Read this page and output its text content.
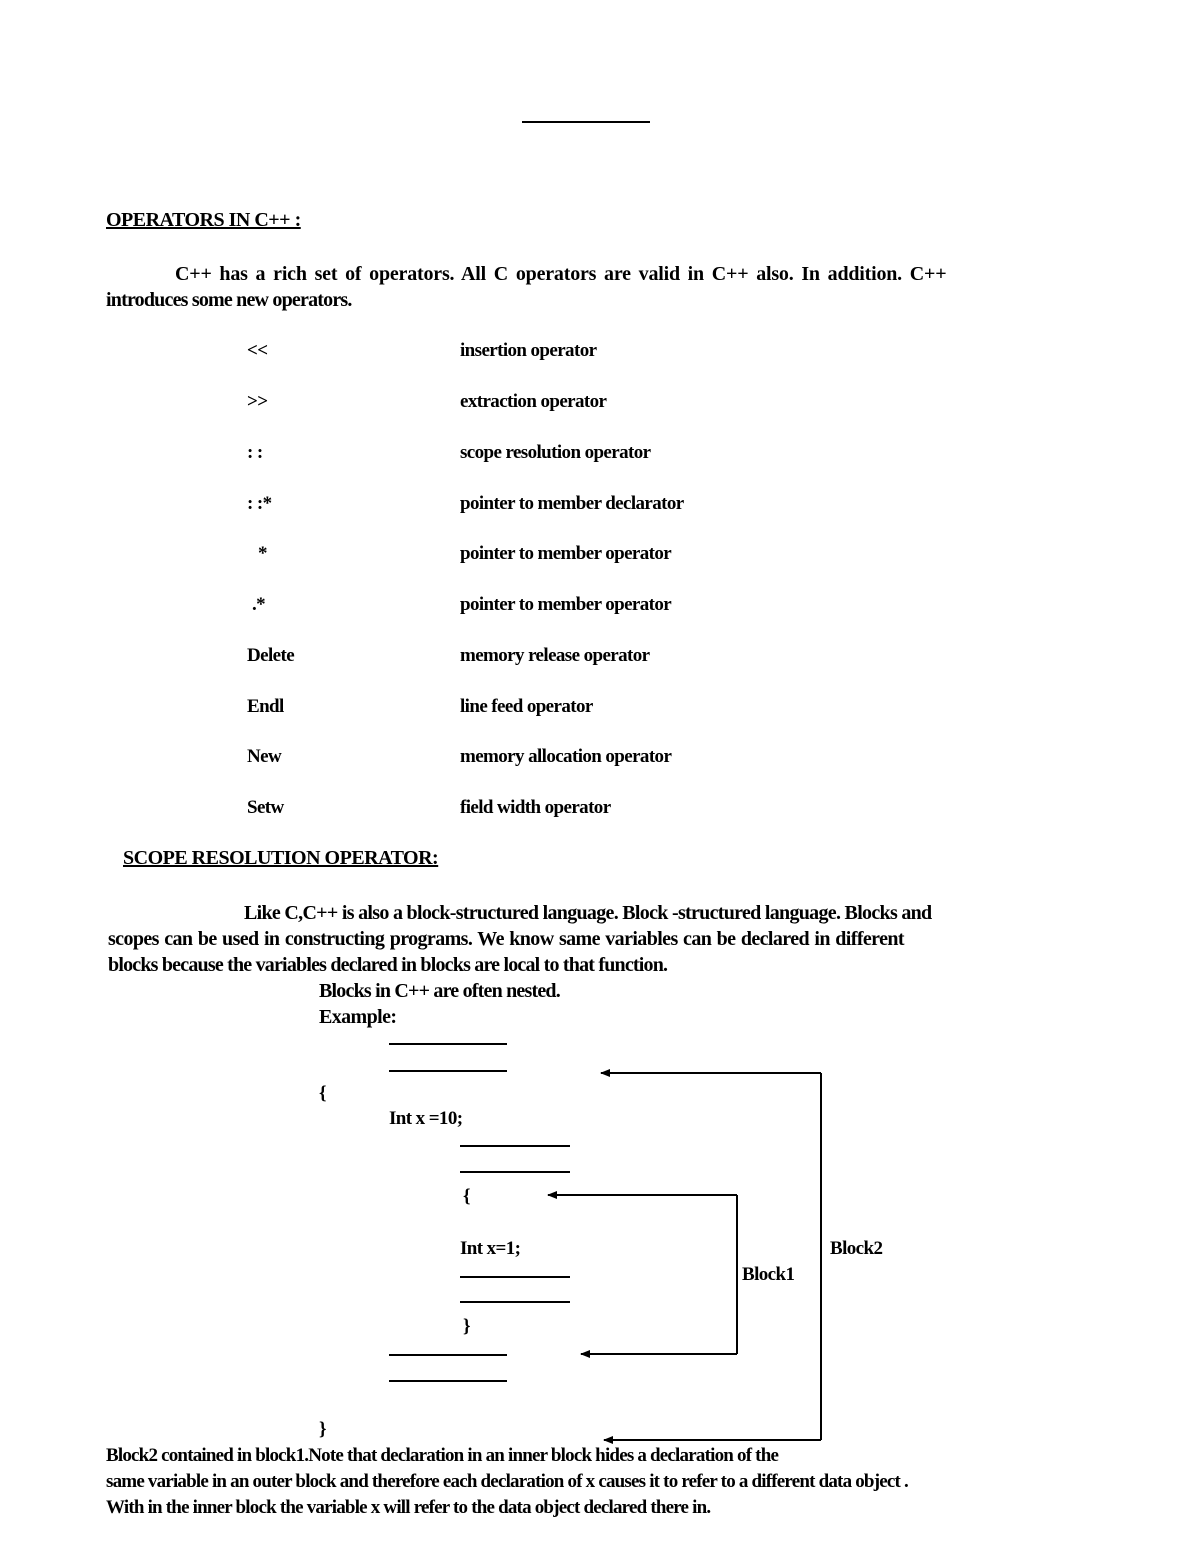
OPERATORS IN C++ :
C++ has a rich set of operators. All C operators are valid in C++ also. In addition. C++
introduces some new operators.
<<	insertion operator
>>	extraction operator
: :	scope resolution operator
: :*	pointer to member declarator
*	pointer to member operator
.*	pointer to member operator
Delete	memory release operator
Endl	line feed operator
New	memory allocation operator
Setw	field width operator
SCOPE RESOLUTION OPERATOR:
Like C,C++ is also a block-structured language. Block -structured language. Blocks and
scopes can be used in constructing programs. We know same variables can be declared in different
blocks because the variables declared in blocks are local to that function.
Blocks in C++ are often nested.
Example:
{
Int x =10;
{
Int x=1;
}
}
Block1
Block2
Block2 contained in block1.Note that declaration in an inner block hides a declaration of the
same variable in an outer block and therefore each declaration of x causes it to refer to a different data object .
With in the inner block the variable x will refer to the data object declared there in.
